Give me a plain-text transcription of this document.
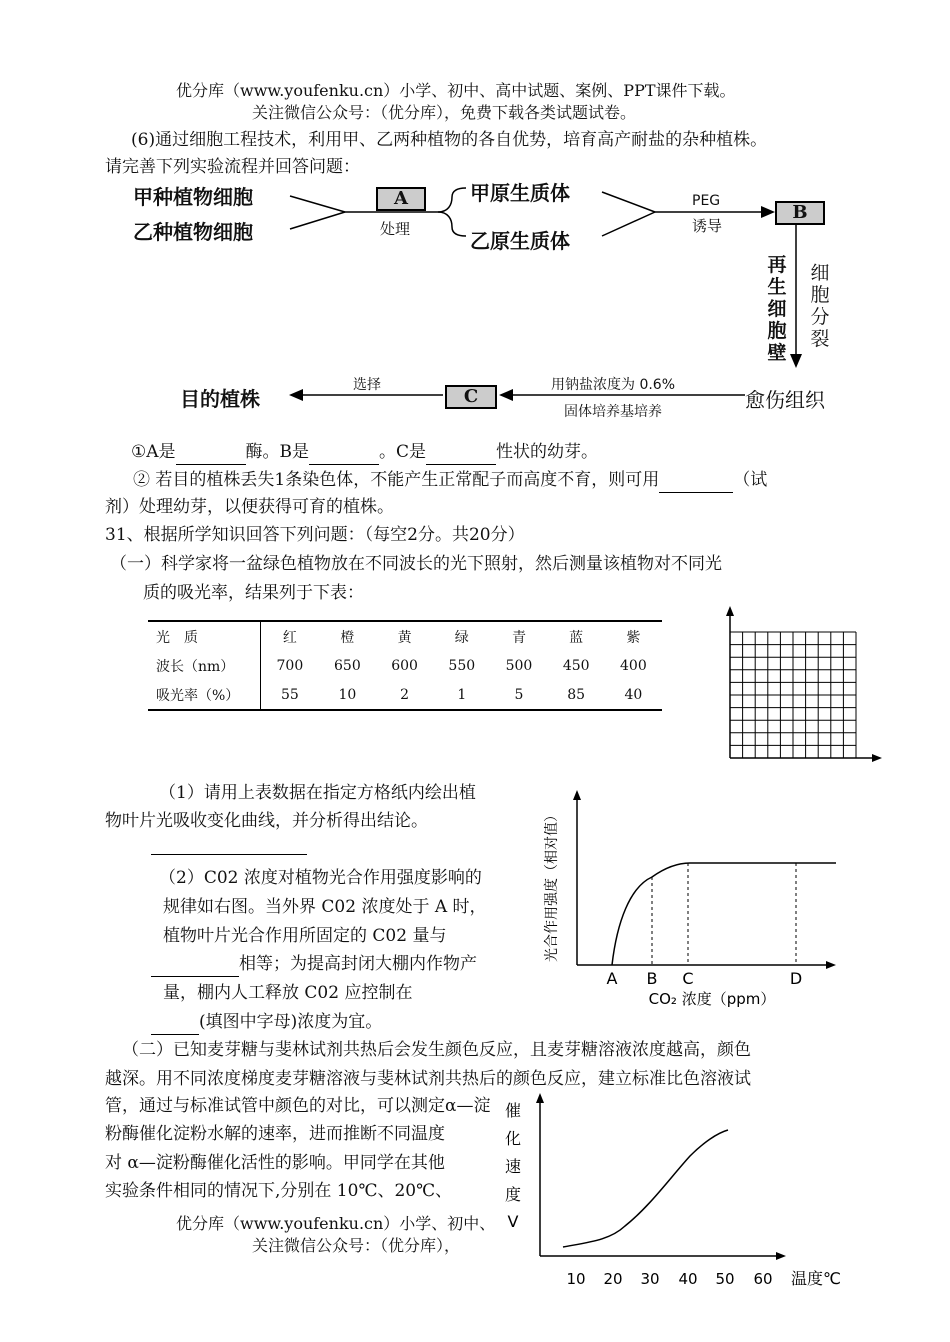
优分库（www.youfenku.cn）小学、初中、高中试题、案例、PPT课件下载。
关注微信公众号：（优分库），免费下载各类试题试卷。
(6)通过细胞工程技术，利用甲、乙两种植物的各自优势，培育高产耐盐的杂种植株。
请完善下列实验流程并回答问题：
甲种植物细胞
乙种植物细胞
A
处理
甲原生质体
乙原生质体
PEG
诱导
B
再生细胞壁
细胞分裂
愈伤组织
用钠盐浓度为 0.6%
固体培养基培养
C
选择
目的植株
①A是	酶。B是	。C是	性状的幼芽。
② 若目的植株丢失1条染色体，不能产生正常配子而高度不育，则可用	（试
剂）处理幼芽，以便获得可育的植株。
31、根据所学知识回答下列问题：（每空2分。共20分）
（一）科学家将一盆绿色植物放在不同波长的光下照射，然后测量该植物对不同光
质的吸光率，结果列于下表：
光　质	红	橙	黄	绿	青	蓝	紫
波长（nm）	700	650	600	550	500	450	400
吸光率（%）	55	10	2	1	5	85	40
（1）请用上表数据在指定方格纸内绘出植
物叶片光吸收变化曲线，并分析得出结论。
（2）C02 浓度对植物光合作用强度影响的
规律如右图。当外界 C02 浓度处于 A 时，
植物叶片光合作用所固定的 C02 量与
相等；为提高封闭大棚内作物产
量，棚内人工释放 C02 应控制在
(填图中字母)浓度为宜。
A B C	D
CO₂ 浓度（ppm）
光合作用强度（相对值）
（二）已知麦芽糖与斐林试剂共热后会发生颜色反应，且麦芽糖溶液浓度越高，颜色
越深。用不同浓度梯度麦芽糖溶液与斐林试剂共热后的颜色反应，建立标准比色溶液试
管，通过与标准试管中颜色的对比，可以测定α—淀
粉酶催化淀粉水解的速率，进而推断不同温度
对 α—淀粉酶催化活性的影响。甲同学在其他
实验条件相同的情况下,分别在 10℃、20℃、
催
化
速
度
V
10 20 30 40 50 60 温度℃
优分库（www.youfenku.cn）小学、初中、
关注微信公众号：（优分库），
